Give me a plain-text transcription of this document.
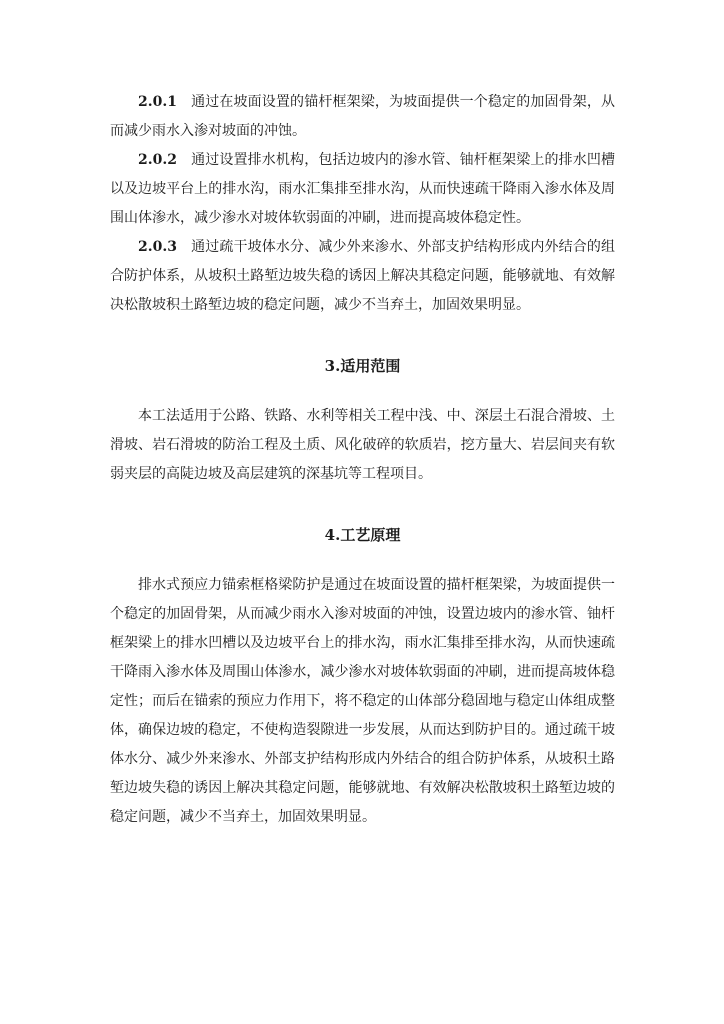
2.0.1 通过在坡面设置的锚杆框架梁，为坡面提供一个稳定的加固骨架，从而减少雨水入渗对坡面的冲蚀。

2.0.2 通过设置排水机构，包括边坡内的渗水管、铀杆框架梁上的排水凹槽以及边坡平台上的排水沟，雨水汇集排至排水沟，从而快速疏干降雨入渗水体及周围山体渗水，减少渗水对坡体软弱面的冲刷，进而提高坡体稳定性。

2.0.3 通过疏干坡体水分、减少外来渗水、外部支护结构形成内外结合的组合防护体系，从坡积土路堑边坡失稳的诱因上解决其稳定问题，能够就地、有效解决松散坡积土路堑边坡的稳定问题，减少不当弃土，加固效果明显。

3.适用范围

本工法适用于公路、铁路、水利等相关工程中浅、中、深层土石混合滑坡、土滑坡、岩石滑坡的防治工程及土质、风化破碎的软质岩，挖方量大、岩层间夹有软弱夹层的高陡边坡及高层建筑的深基坑等工程项目。

4.工艺原理

排水式预应力锚索框格梁防护是通过在坡面设置的描杆框架梁，为坡面提供一个稳定的加固骨架，从而减少雨水入渗对坡面的冲蚀，设置边坡内的渗水管、铀杆框架梁上的排水凹槽以及边坡平台上的排水沟，雨水汇集排至排水沟，从而快速疏干降雨入渗水体及周围山体渗水，减少渗水对坡体软弱面的冲刷，进而提高坡体稳定性；而后在锚索的预应力作用下，将不稳定的山体部分稳固地与稳定山体组成整体，确保边坡的稳定，不使构造裂隙进一步发展，从而达到防护目的。通过疏干坡体水分、减少外来渗水、外部支护结构形成内外结合的组合防护体系，从坡积土路堑边坡失稳的诱因上解决其稳定问题，能够就地、有效解决松散坡积土路堑边坡的稳定问题，减少不当弃土，加固效果明显。
